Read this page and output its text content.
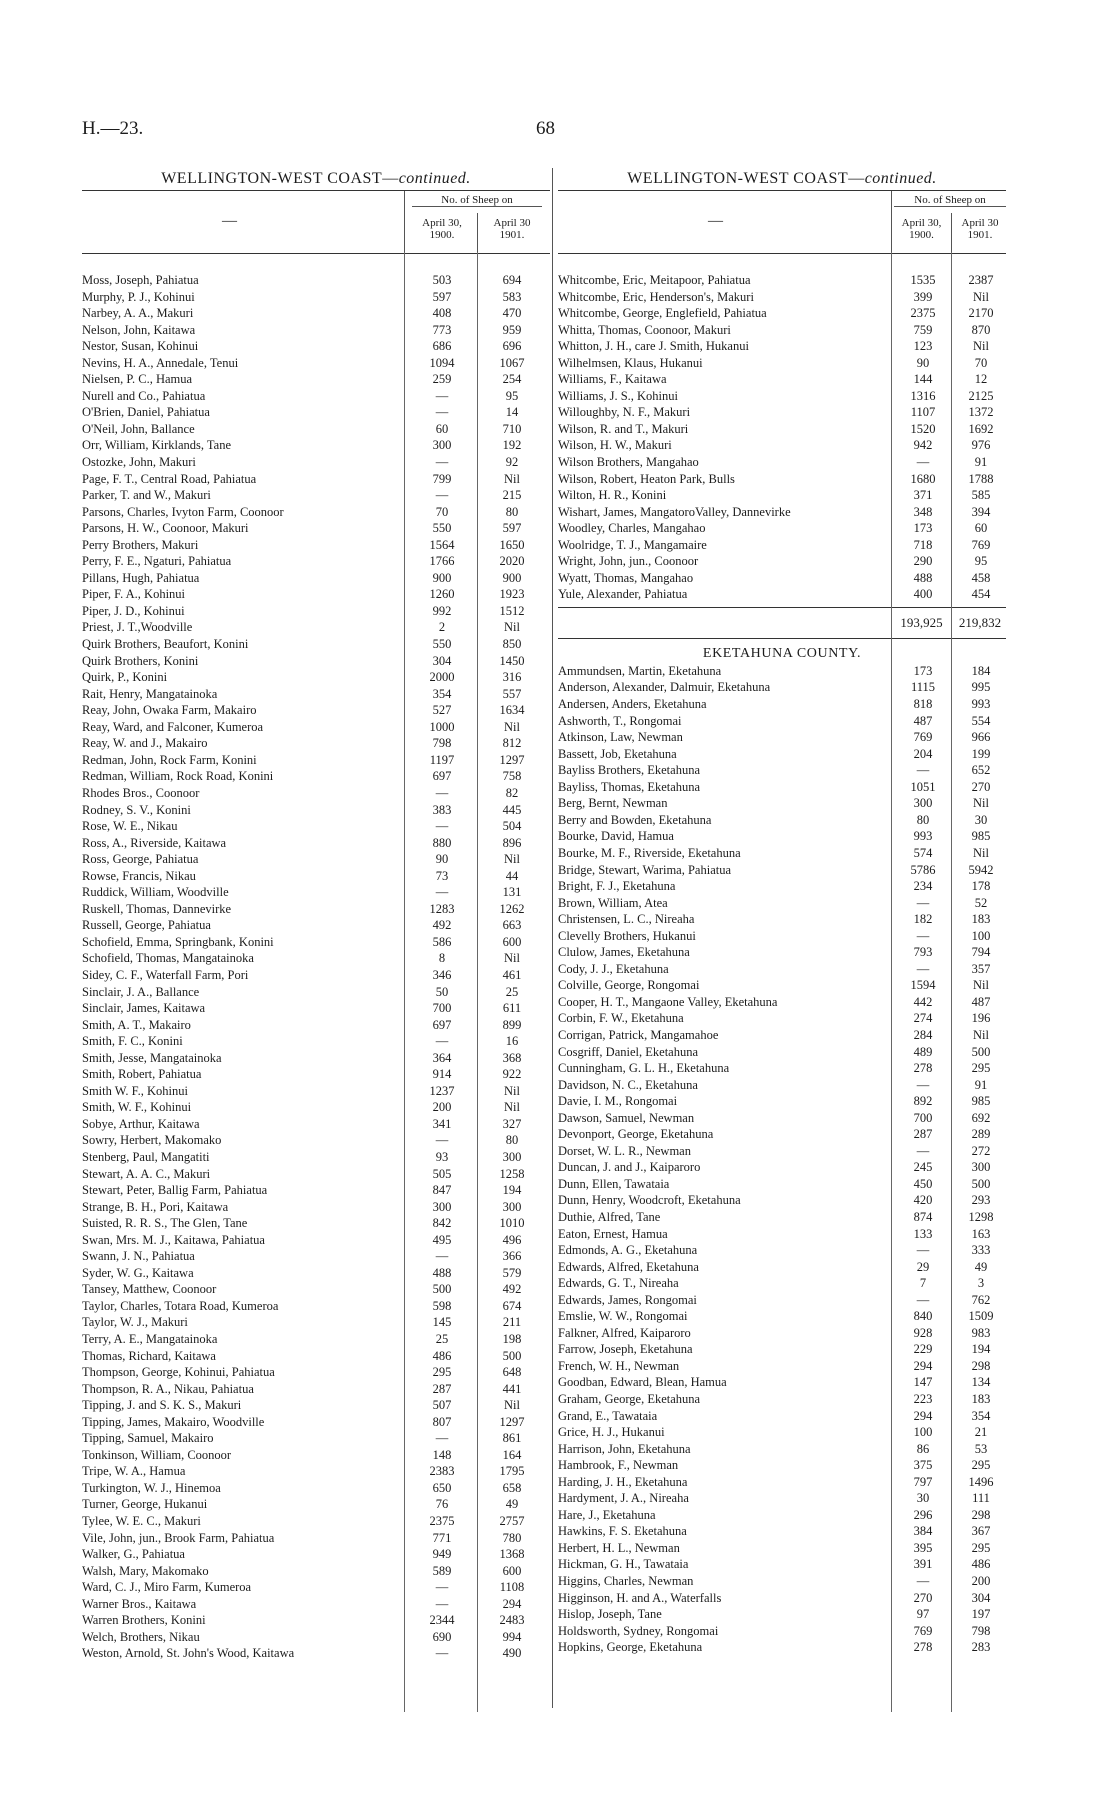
H.—23.	68
WELLINGTON-WEST COAST—continued.
—
No. of Sheep on
April 30,
1900.
April 30
1901.
Moss, Joseph, Pahiatua	503	694
Murphy, P. J., Kohinui	597	583
Narbey, A. A., Makuri	408	470
Nelson, John, Kaitawa	773	959
Nestor, Susan, Kohinui	686	696
Nevins, H. A., Annedale, Tenui	1094	1067
Nielsen, P. C., Hamua	259	254
Nurell and Co., Pahiatua	—	95
O'Brien, Daniel, Pahiatua	—	14
O'Neil, John, Ballance	60	710
Orr, William, Kirklands, Tane	300	192
Ostozke, John, Makuri	—	92
Page, F. T., Central Road, Pahiatua	799	Nil
Parker, T. and W., Makuri	—	215
Parsons, Charles, Ivyton Farm, Coonoor	70	80
Parsons, H. W., Coonoor, Makuri	550	597
Perry Brothers, Makuri	1564	1650
Perry, F. E., Ngaturi, Pahiatua	1766	2020
Pillans, Hugh, Pahiatua	900	900
Piper, F. A., Kohinui	1260	1923
Piper, J. D., Kohinui	992	1512
Priest, J. T.,Woodville	2	Nil
Quirk Brothers, Beaufort, Konini	550	850
Quirk Brothers, Konini	304	1450
Quirk, P., Konini	2000	316
Rait, Henry, Mangatainoka	354	557
Reay, John, Owaka Farm, Makairo	527	1634
Reay, Ward, and Falconer, Kumeroa	1000	Nil
Reay, W. and J., Makairo	798	812
Redman, John, Rock Farm, Konini	1197	1297
Redman, William, Rock Road, Konini	697	758
Rhodes Bros., Coonoor	—	82
Rodney, S. V., Konini	383	445
Rose, W. E., Nikau	—	504
Ross, A., Riverside, Kaitawa	880	896
Ross, George, Pahiatua	90	Nil
Rowse, Francis, Nikau	73	44
Ruddick, William, Woodville	—	131
Ruskell, Thomas, Dannevirke	1283	1262
Russell, George, Pahiatua	492	663
Schofield, Emma, Springbank, Konini	586	600
Schofield, Thomas, Mangatainoka	8	Nil
Sidey, C. F., Waterfall Farm, Pori	346	461
Sinclair, J. A., Ballance	50	25
Sinclair, James, Kaitawa	700	611
Smith, A. T., Makairo	697	899
Smith, F. C., Konini	—	16
Smith, Jesse, Mangatainoka	364	368
Smith, Robert, Pahiatua	914	922
Smith W. F., Kohinui	1237	Nil
Smith, W. F., Kohinui	200	Nil
Sobye, Arthur, Kaitawa	341	327
Sowry, Herbert, Makomako	—	80
Stenberg, Paul, Mangatiti	93	300
Stewart, A. A. C., Makuri	505	1258
Stewart, Peter, Ballig Farm, Pahiatua	847	194
Strange, B. H., Pori, Kaitawa	300	300
Suisted, R. R. S., The Glen, Tane	842	1010
Swan, Mrs. M. J., Kaitawa, Pahiatua	495	496
Swann, J. N., Pahiatua	—	366
Syder, W. G., Kaitawa	488	579
Tansey, Matthew, Coonoor	500	492
Taylor, Charles, Totara Road, Kumeroa	598	674
Taylor, W. J., Makuri	145	211
Terry, A. E., Mangatainoka	25	198
Thomas, Richard, Kaitawa	486	500
Thompson, George, Kohinui, Pahiatua	295	648
Thompson, R. A., Nikau, Pahiatua	287	441
Tipping, J. and S. K. S., Makuri	507	Nil
Tipping, James, Makairo, Woodville	807	1297
Tipping, Samuel, Makairo	—	861
Tonkinson, William, Coonoor	148	164
Tripe, W. A., Hamua	2383	1795
Turkington, W. J., Hinemoa	650	658
Turner, George, Hukanui	76	49
Tylee, W. E. C., Makuri	2375	2757
Vile, John, jun., Brook Farm, Pahiatua	771	780
Walker, G., Pahiatua	949	1368
Walsh, Mary, Makomako	589	600
Ward, C. J., Miro Farm, Kumeroa	—	1108
Warner Bros., Kaitawa	—	294
Warren Brothers, Konini	2344	2483
Welch, Brothers, Nikau	690	994
Weston, Arnold, St. John's Wood, Kaitawa	—	490
WELLINGTON-WEST COAST—continued.
—
No. of Sheep on
April 30,
1900.
April 30
1901.
Whitcombe, Eric, Meitapoor, Pahiatua	1535	2387
Whitcombe, Eric, Henderson's, Makuri	399	Nil
Whitcombe, George, Englefield, Pahiatua	2375	2170
Whitta, Thomas, Coonoor, Makuri	759	870
Whitton, J. H., care J. Smith, Hukanui	123	Nil
Wilhelmsen, Klaus, Hukanui	90	70
Williams, F., Kaitawa	144	12
Williams, J. S., Kohinui	1316	2125
Willoughby, N. F., Makuri	1107	1372
Wilson, R. and T., Makuri	1520	1692
Wilson, H. W., Makuri	942	976
Wilson Brothers, Mangahao	—	91
Wilson, Robert, Heaton Park, Bulls	1680	1788
Wilton, H. R., Konini	371	585
Wishart, James, MangatoroValley, Dannevirke	348	394
Woodley, Charles, Mangahao	173	60
Woolridge, T. J., Mangamaire	718	769
Wright, John, jun., Coonoor	290	95
Wyatt, Thomas, Mangahao	488	458
Yule, Alexander, Pahiatua	400	454
193,925	219,832
EKETAHUNA COUNTY.
Ammundsen, Martin, Eketahuna	173	184
Anderson, Alexander, Dalmuir, Eketahuna	1115	995
Andersen, Anders, Eketahuna	818	993
Ashworth, T., Rongomai	487	554
Atkinson, Law, Newman	769	966
Bassett, Job, Eketahuna	204	199
Bayliss Brothers, Eketahuna	—	652
Bayliss, Thomas, Eketahuna	1051	270
Berg, Bernt, Newman	300	Nil
Berry and Bowden, Eketahuna	80	30
Bourke, David, Hamua	993	985
Bourke, M. F., Riverside, Eketahuna	574	Nil
Bridge, Stewart, Warima, Pahiatua	5786	5942
Bright, F. J., Eketahuna	234	178
Brown, William, Atea	—	52
Christensen, L. C., Nireaha	182	183
Clevelly Brothers, Hukanui	—	100
Clulow, James, Eketahuna	793	794
Cody, J. J., Eketahuna	—	357
Colville, George, Rongomai	1594	Nil
Cooper, H. T., Mangaone Valley, Eketahuna	442	487
Corbin, F. W., Eketahuna	274	196
Corrigan, Patrick, Mangamahoe	284	Nil
Cosgriff, Daniel, Eketahuna	489	500
Cunningham, G. L. H., Eketahuna	278	295
Davidson, N. C., Eketahuna	—	91
Davie, I. M., Rongomai	892	985
Dawson, Samuel, Newman	700	692
Devonport, George, Eketahuna	287	289
Dorset, W. L. R., Newman	—	272
Duncan, J. and J., Kaiparoro	245	300
Dunn, Ellen, Tawataia	450	500
Dunn, Henry, Woodcroft, Eketahuna	420	293
Duthie, Alfred, Tane	874	1298
Eaton, Ernest, Hamua	133	163
Edmonds, A. G., Eketahuna	—	333
Edwards, Alfred, Eketahuna	29	49
Edwards, G. T., Nireaha	7	3
Edwards, James, Rongomai	—	762
Emslie, W. W., Rongomai	840	1509
Falkner, Alfred, Kaiparoro	928	983
Farrow, Joseph, Eketahuna	229	194
French, W. H., Newman	294	298
Goodban, Edward, Blean, Hamua	147	134
Graham, George, Eketahuna	223	183
Grand, E., Tawataia	294	354
Grice, H. J., Hukanui	100	21
Harrison, John, Eketahuna	86	53
Hambrook, F., Newman	375	295
Harding, J. H., Eketahuna	797	1496
Hardyment, J. A., Nireaha	30	111
Hare, J., Eketahuna	296	298
Hawkins, F. S. Eketahuna	384	367
Herbert, H. L., Newman	395	295
Hickman, G. H., Tawataia	391	486
Higgins, Charles, Newman	—	200
Higginson, H. and A., Waterfalls	270	304
Hislop, Joseph, Tane	97	197
Holdsworth, Sydney, Rongomai	769	798
Hopkins, George, Eketahuna	278	283
